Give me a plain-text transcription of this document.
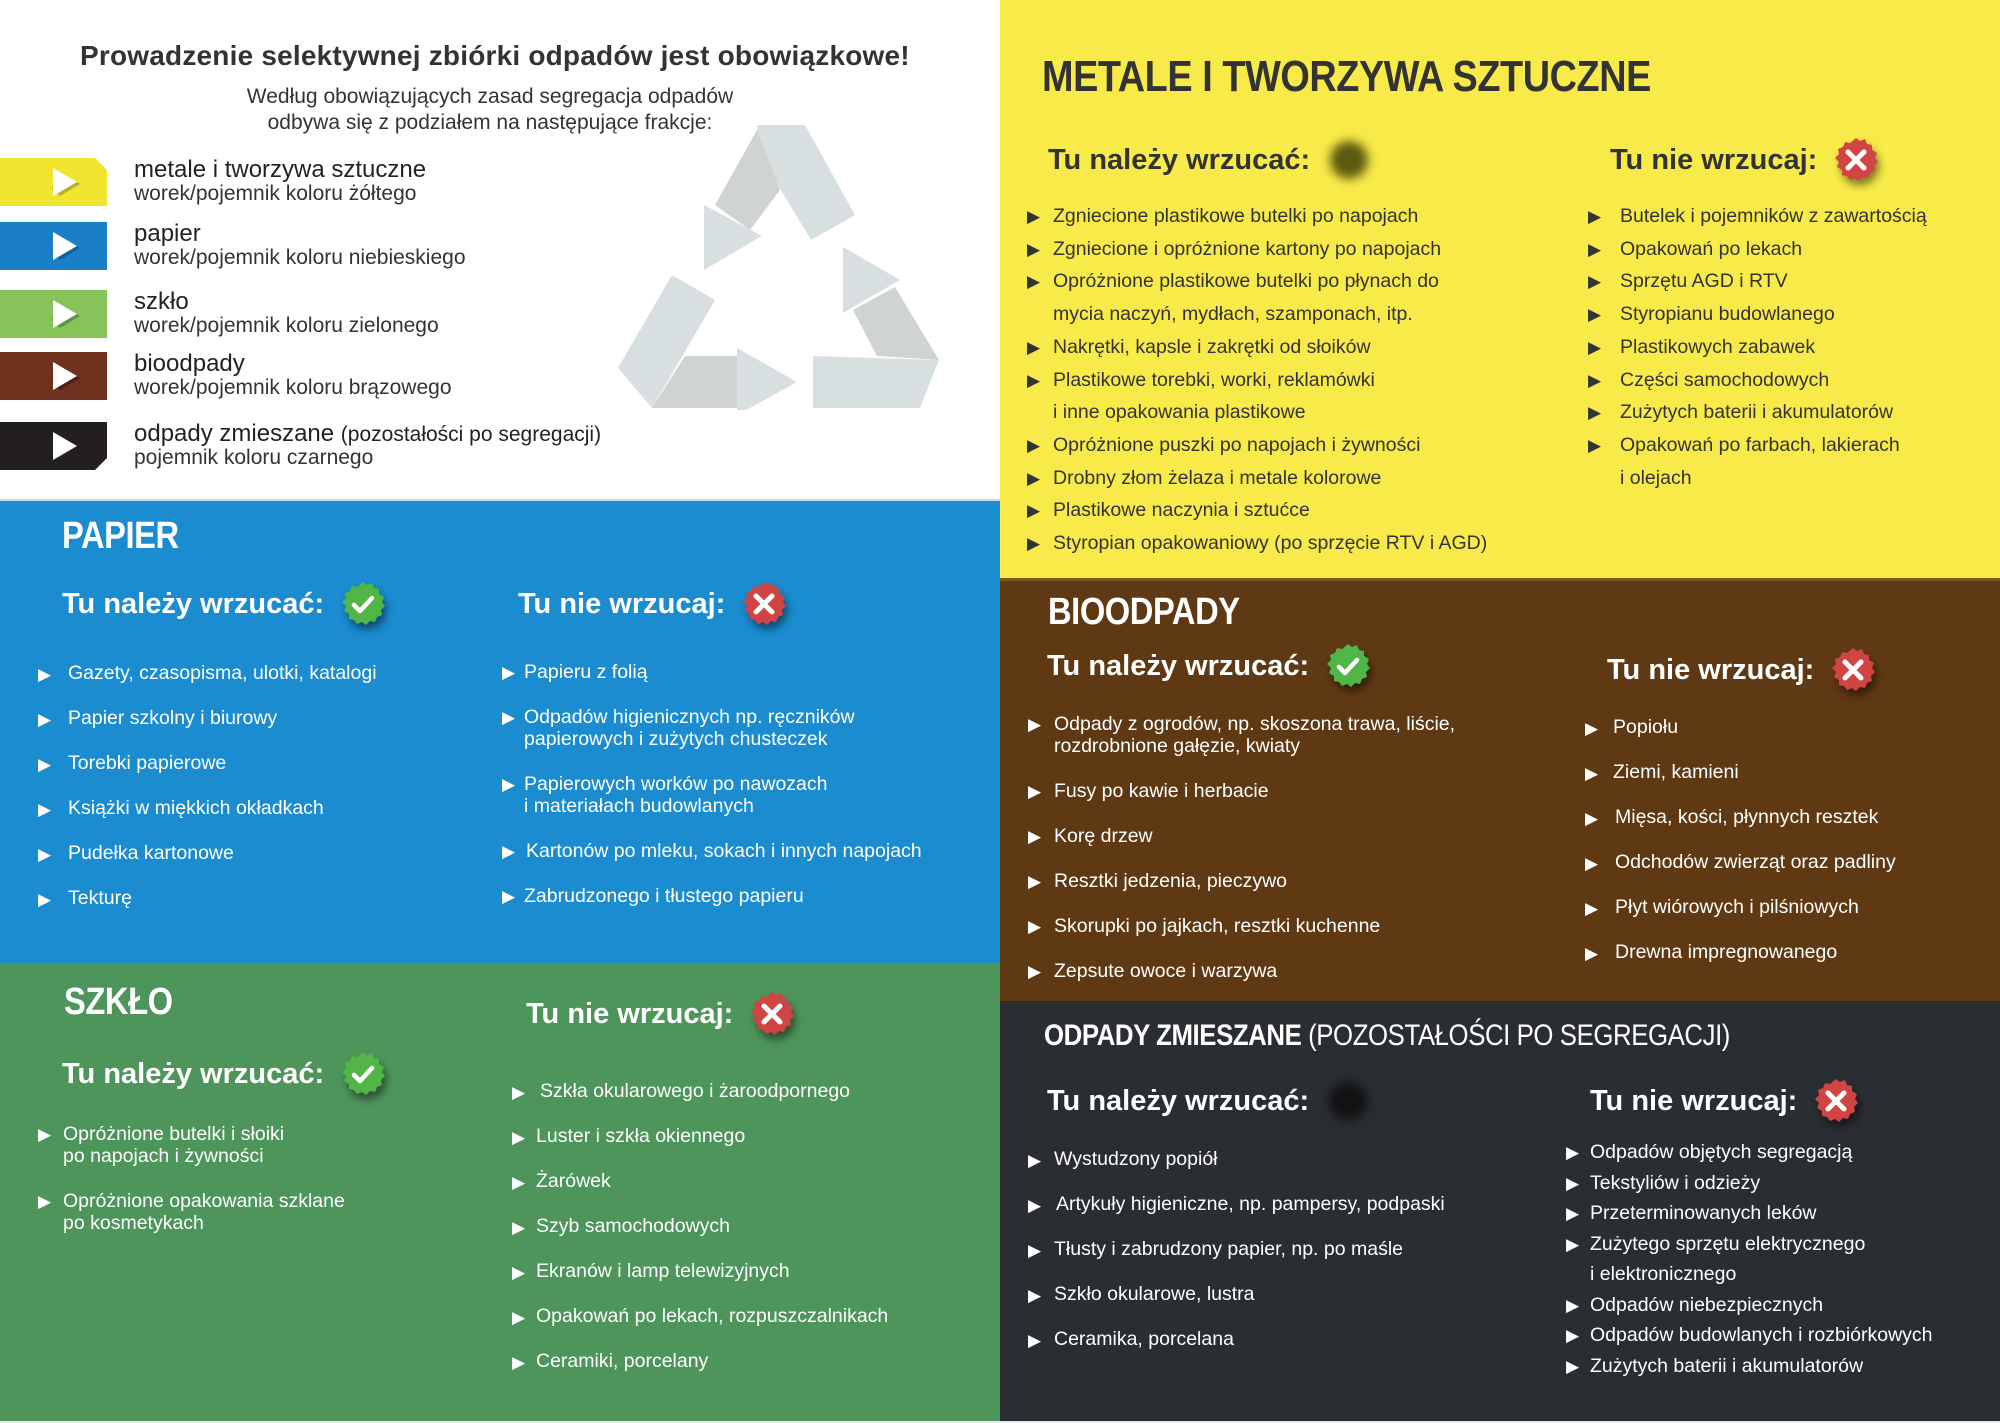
Prowadzenie selektywnej zbiórki odpadów jest obowiązkowe!
Według obowiązujących zasad segregacja odpadów
odbywa się z podziałem na następujące frakcje:
metale i tworzywa sztuczne
worek/pojemnik koloru żółtego
papier
worek/pojemnik koloru niebieskiego
szkło
worek/pojemnik koloru zielonego
bioodpady
worek/pojemnik koloru brązowego
odpady zmieszane (pozostałości po segregacji)
pojemnik koloru czarnego
METALE I TWORZYWA SZTUCZNE
Tu należy wrzucać:	Tu nie wrzucaj:
▶ Zgniecione plastikowe butelki po napojach
▶ Zgniecione i opróżnione kartony po napojach
▶ Opróżnione plastikowe butelki po płynach do
mycia naczyń, mydłach, szamponach, itp.
▶ Nakrętki, kapsle i zakrętki od słoików
▶ Plastikowe torebki, worki, reklamówki
i inne opakowania plastikowe
▶ Opróżnione puszki po napojach i żywności
▶ Drobny złom żelaza i metale kolorowe
▶ Plastikowe naczynia i sztućce
▶ Styropian opakowaniowy (po sprzęcie RTV i AGD)
▶ Butelek i pojemników z zawartością
▶ Opakowań po lekach
▶ Sprzętu AGD i RTV
▶ Styropianu budowlanego
▶ Plastikowych zabawek
▶ Części samochodowych
▶ Zużytych baterii i akumulatorów
▶ Opakowań po farbach, lakierach
i olejach
PAPIER
Tu należy wrzucać:	Tu nie wrzucaj:
▶ Gazety, czasopisma, ulotki, katalogi
▶ Papier szkolny i biurowy
▶ Torebki papierowe
▶ Książki w miękkich okładkach
▶ Pudełka kartonowe
▶ Tekturę
▶ Papieru z folią
▶ Odpadów higienicznych np. ręczników
papierowych i zużytych chusteczek
▶ Papierowych worków po nawozach
i materiałach budowlanych
▶ Kartonów po mleku, sokach i innych napojach
▶ Zabrudzonego i tłustego papieru
SZKŁO
Tu należy wrzucać:
Tu nie wrzucaj:
▶ Opróżnione butelki i słoiki
po napojach i żywności
▶ Opróżnione opakowania szklane
po kosmetykach
▶ Szkła okularowego i żaroodpornego
▶ Luster i szkła okiennego
▶ Żarówek
▶ Szyb samochodowych
▶ Ekranów i lamp telewizyjnych
▶ Opakowań po lekach, rozpuszczalnikach
▶ Ceramiki, porcelany
BIOODPADY
Tu należy wrzucać:	Tu nie wrzucaj:
▶ Odpady z ogrodów, np. skoszona trawa, liście,
rozdrobnione gałęzie, kwiaty
▶ Fusy po kawie i herbacie
▶ Korę drzew
▶ Resztki jedzenia, pieczywo
▶ Skorupki po jajkach, resztki kuchenne
▶ Zepsute owoce i warzywa
▶ Popiołu
▶ Ziemi, kamieni
▶ Mięsa, kości, płynnych resztek
▶ Odchodów zwierząt oraz padliny
▶ Płyt wiórowych i pilśniowych
▶ Drewna impregnowanego
ODPADY ZMIESZANE (POZOSTAŁOŚCI PO SEGREGACJI)
Tu należy wrzucać:	Tu nie wrzucaj:
▶ Wystudzony popiół
▶ Artykuły higieniczne, np. pampersy, podpaski
▶ Tłusty i zabrudzony papier, np. po maśle
▶ Szkło okularowe, lustra
▶ Ceramika, porcelana
▶ Odpadów objętych segregacją
▶ Tekstyliów i odzieży
▶ Przeterminowanych leków
▶ Zużytego sprzętu elektrycznego
i elektronicznego
▶ Odpadów niebezpiecznych
▶ Odpadów budowlanych i rozbiórkowych
▶ Zużytych baterii i akumulatorów
